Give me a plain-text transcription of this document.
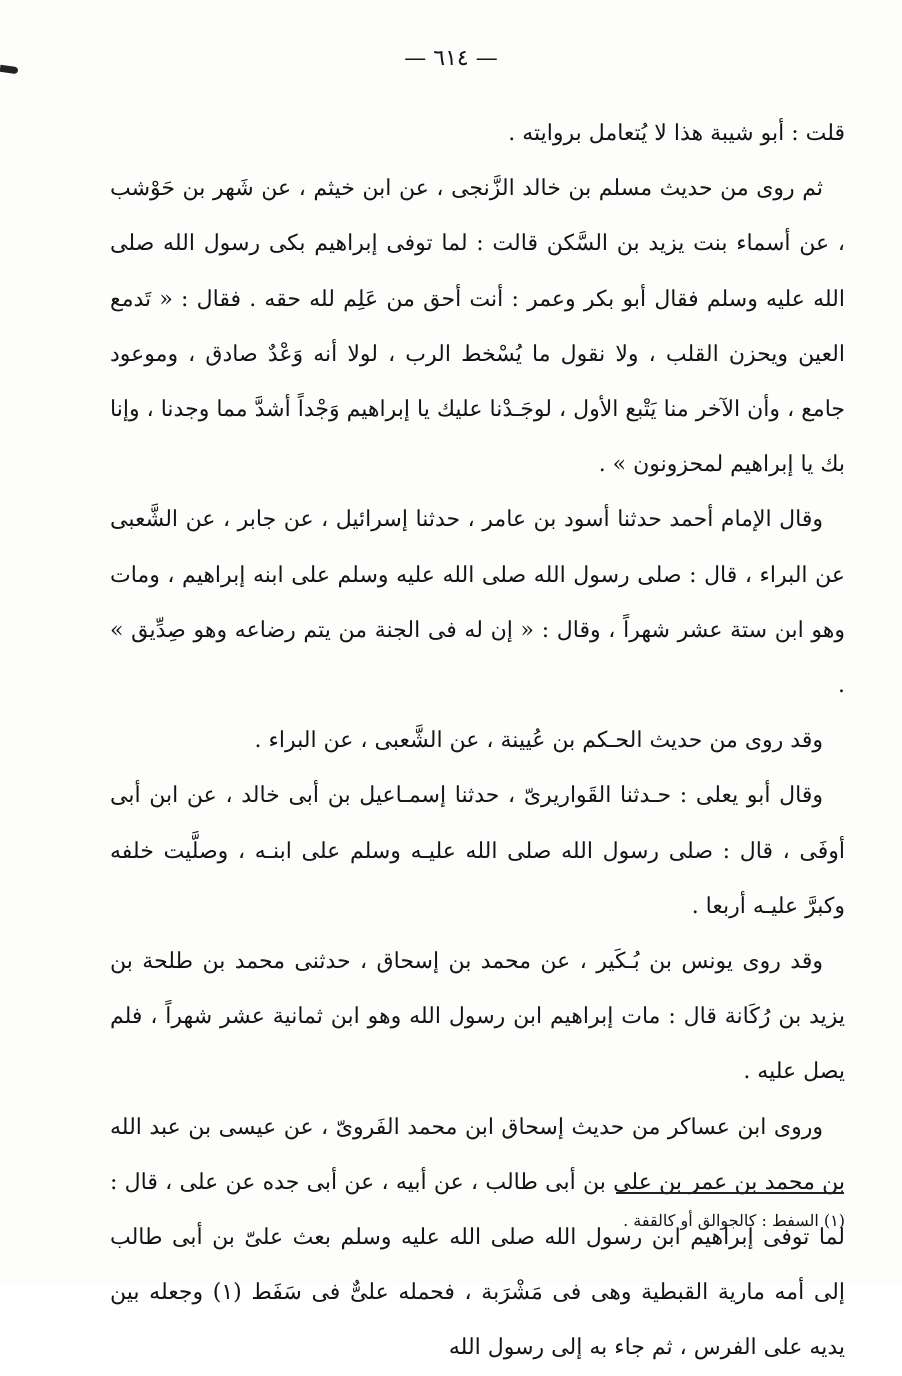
— ٦١٤ —

قلت : أبو شيبة هذا لا يُتعامل بروايته .

ثم روى من حديث مسلم بن خالد الزَّنجى ، عن ابن خيثم ، عن شَهر بن حَوْشب ، عن أسماء بنت يزيد بن السَّكن قالت : لما توفى إبراهيم بكى رسول الله صلى الله عليه وسلم فقال أبو بكر وعمر : أنت أحق من عَلِم لله حقه . فقال : « تَدمع العين ويحزن القلب ، ولا نقول ما يُسْخط الرب ، لولا أنه وَعْدٌ صادق ، وموعود جامع ، وأن الآخر منا يَتْبع الأول ، لوجَـدْنا عليك يا إبراهيم وَجْداً أشدَّ مما وجدنا ، وإنا بك يا إبراهيم لمحزونون » .

وقال الإمام أحمد حدثنا أسود بن عامر ، حدثنا إسرائيل ، عن جابر ، عن الشَّعبى عن البراء ، قال : صلى رسول الله صلى الله عليه وسلم على ابنه إبراهيم ، ومات وهو ابن ستة عشر شهراً ، وقال : « إن له فى الجنة من يتم رضاعه وهو صِدِّيق » .

وقد روى من حديث الحـكم بن عُيينة ، عن الشَّعبى ، عن البراء .

وقال أبو يعلى : حـدثنا القَواريرىّ ، حدثنا إسمـاعيل بن أبى خالد ، عن ابن أبى أوفَى ، قال : صلى رسول الله صلى الله عليـه وسلم على ابنـه ، وصلَّيت خلفه وكبرَّ عليـه أربعا .

وقد روى يونس بن بُـكَير ، عن محمد بن إسحاق ، حدثنى محمد بن طلحة بن يزيد بن رُكَانة قال : مات إبراهيم ابن رسول الله وهو ابن ثمانية عشر شهراً ، فلم يصل عليه .

وروى ابن عساكر من حديث إسحاق ابن محمد الفَروىّ ، عن عيسى بن عبد الله بن محمد بن عمر بن على بن أبى طالب ، عن أبيه ، عن أبى جده عن على ، قال : لما توفى إبراهيم ابن رسول الله صلى الله عليه وسلم بعث علىّ بن أبى طالب إلى أمه مارية القبطية وهى فى مَشْرَبة ، فحمله علىٌّ فى سَفَط (١) وجعله بين يديه على الفرس ، ثم جاء به إلى رسول الله

(١) السفط : كالجوالق أو كالقفة .
